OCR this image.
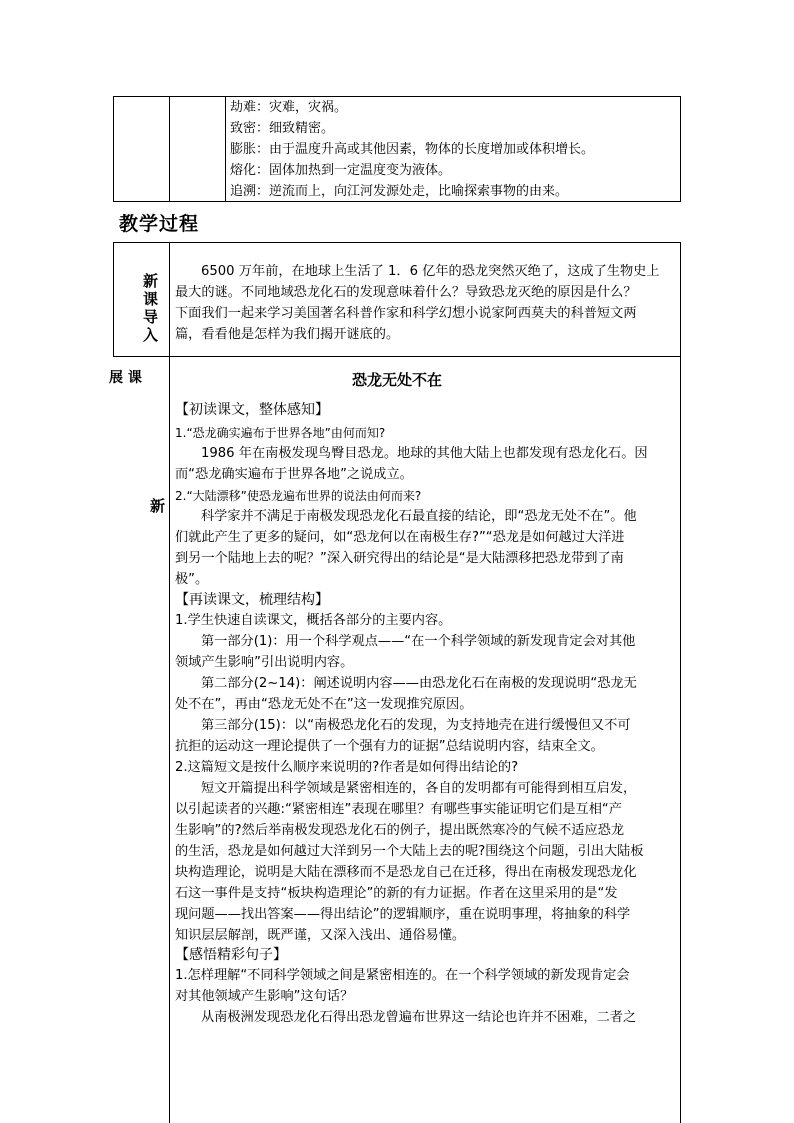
劫难：灾难，灾祸。
致密：细致精密。
膨胀：由于温度升高或其他因素，物体的长度增加或体积增长。
熔化：固体加热到一定温度变为液体。
追溯：逆流而上，向江河发源处走，比喻探索事物的由来。
教学过程
新
课
导
入
6500 万年前，在地球上生活了 1．6 亿年的恐龙突然灭绝了，这成了生物史上
最大的谜。不同地域恐龙化石的发现意味着什么？导致恐龙灭绝的原因是什么？
下面我们一起来学习美国著名科普作家和科学幻想小说家阿西莫夫的科普短文两
篇，看看他是怎样为我们揭开谜底的。
展 课
新
恐龙无处不在
【初读课文，整体感知】
1.“恐龙确实遍布于世界各地”由何而知?
1986 年在南极发现鸟臀目恐龙。地球的其他大陆上也都发现有恐龙化石。因
而“恐龙确实遍布于世界各地”之说成立。
2.“大陆漂移”使恐龙遍布世界的说法由何而来?
科学家并不满足于南极发现恐龙化石最直接的结论，即“恐龙无处不在”。他
们就此产生了更多的疑问，如“恐龙何以在南极生存?”“恐龙是如何越过大洋进
到另一个陆地上去的呢？”深入研究得出的结论是“是大陆漂移把恐龙带到了南
极”。
【再读课文，梳理结构】
1.学生快速自读课文，概括各部分的主要内容。
第一部分(1)：用一个科学观点——“在一个科学领域的新发现肯定会对其他
领域产生影响”引出说明内容。
第二部分(2~14)：阐述说明内容——由恐龙化石在南极的发现说明“恐龙无
处不在”，再由“恐龙无处不在”这一发现推究原因。
第三部分(15)：以“南极恐龙化石的发现，为支持地壳在进行缓慢但又不可
抗拒的运动这一理论提供了一个强有力的证据”总结说明内容，结束全文。
2.这篇短文是按什么顺序来说明的?作者是如何得出结论的?
短文开篇提出科学领域是紧密相连的，各自的发明都有可能得到相互启发，
以引起读者的兴趣:“紧密相连”表现在哪里？有哪些事实能证明它们是互相“产
生影响”的?然后举南极发现恐龙化石的例子，提出既然寒冷的气候不适应恐龙
的生活，恐龙是如何越过大洋到另一个大陆上去的呢?围绕这个问题，引出大陆板
块构造理论，说明是大陆在漂移而不是恐龙自己在迁移，得出在南极发现恐龙化
石这一事件是支持“板块构造理论”的新的有力证据。作者在这里采用的是“发
现问题——找出答案——得出结论”的逻辑顺序，重在说明事理，将抽象的科学
知识层层解剖，既严谨，又深入浅出、通俗易懂。
【感悟精彩句子】
1.怎样理解“不同科学领域之间是紧密相连的。在一个科学领域的新发现肯定会
对其他领域产生影响”这句话？
从南极洲发现恐龙化石得出恐龙曾遍布世界这一结论也许并不困难，二者之
